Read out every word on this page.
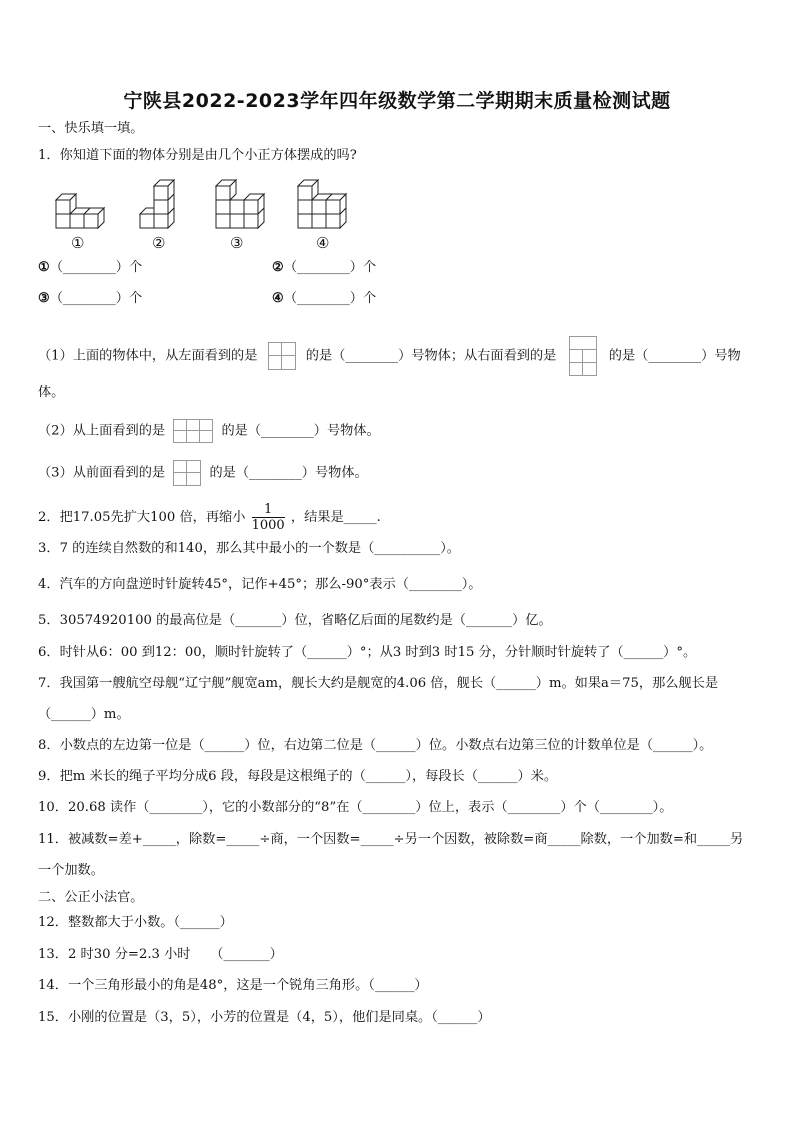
宁陕县2022-2023学年四年级数学第二学期期末质量检测试题
一、快乐填一填。
1．你知道下面的物体分别是由几个小正方体摆成的吗?
①	②	③	④
①（________）个	②（________）个
③（________）个	④（________）个
（1）上面的物体中，从左面看到的是	的是（________）号物体；从右面看到的是	的是（________）号物
体。
（2）从上面看到的是	的是（________）号物体。
（3）从前面看到的是	的是（________）号物体。
2．把17.05先扩大100 倍，再缩小 $\frac{1}{1000}$ ，结果是_____.
3．7 的连续自然数的和140，那么其中最小的一个数是（__________）。
4．汽车的方向盘逆时针旋转45°，记作+45°；那么-90°表示（________）。
5．30574920100 的最高位是（_______）位，省略亿后面的尾数约是（_______）亿。
6．时针从6：00 到12：00，顺时针旋转了（______）°；从3 时到3 时15 分，分针顺时针旋转了（______）°。
7．我国第一艘航空母舰“辽宁舰”舰宽am，舰长大约是舰宽的4.06 倍，舰长（______）m。如果a＝75，那么舰长是
（______）m。
8．小数点的左边第一位是（______）位，右边第二位是（______）位。小数点右边第三位的计数单位是（______）。
9．把m 米长的绳子平均分成6 段，每段是这根绳子的（______），每段长（______）米。
10．20.68 读作（________），它的小数部分的“8”在（________）位上，表示（________）个（________）。
11．被减数=差+_____，除数=_____÷商，一个因数=_____÷另一个因数，被除数=商_____除数，一个加数=和_____另
一个加数。
二、公正小法官。
12．整数都大于小数。（______）
13．2 时30 分=2.3 小时　　（_______）
14．一个三角形最小的角是48°，这是一个锐角三角形。（______）
15．小刚的位置是（3，5），小芳的位置是（4，5），他们是同桌。（______）
